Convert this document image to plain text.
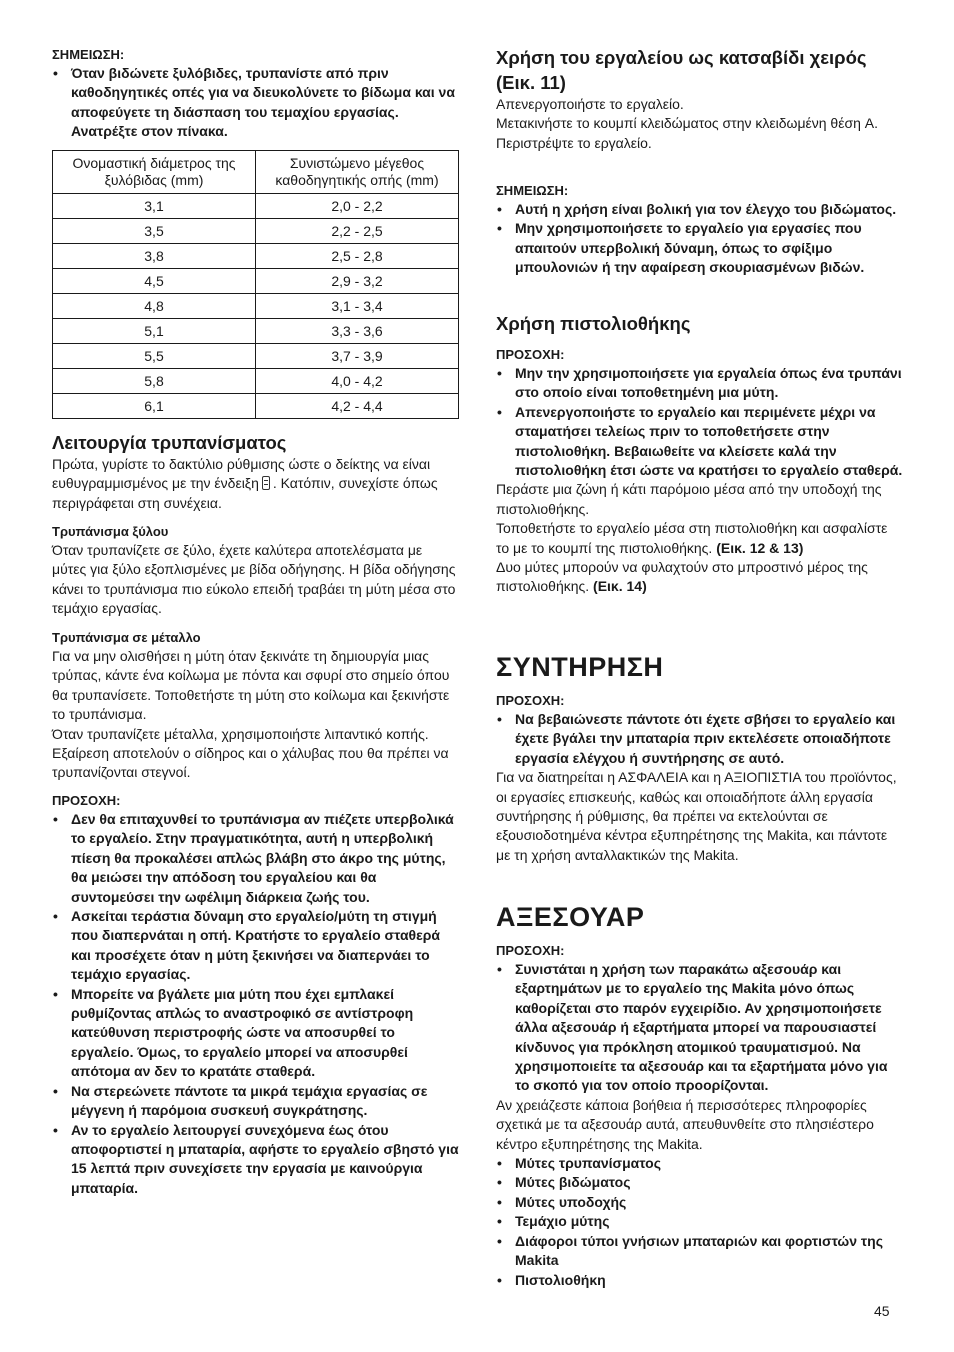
ΣΗΜΕΙΩΣΗ:

• Όταν βιδώνετε ξυλόβιδες, τρυπανίστε από πριν καθοδηγητικές οπές για να διευκολύνετε το βίδωμα και να αποφεύγετε τη διάσπαση του τεμαχίου εργασίας. Ανατρέξτε στον πίνακα.
Ονομαστική διάμετρος της ξυλόβιδας (mm)	Συνιστώμενο μέγεθος καθοδηγητικής οπής (mm)
3,1	2,0 - 2,2
3,5	2,2 - 2,5
3,8	2,5 - 2,8
4,5	2,9 - 3,2
4,8	3,1 - 3,4
5,1	3,3 - 3,6
5,5	3,7 - 3,9
5,8	4,0 - 4,2
6,1	4,2 - 4,4

Λειτουργία τρυπανίσματος

Πρώτα, γυρίστε το δακτύλιο ρύθμισης ώστε ο δείκτης να είναι ευθυγραμμισμένος με την ένδειξη . Κατόπιν, συνεχίστε όπως περιγράφεται στη συνέχεια.

Τρυπάνισμα ξύλου

Όταν τρυπανίζετε σε ξύλο, έχετε καλύτερα αποτελέσματα με μύτες για ξύλο εξοπλισμένες με βίδα οδήγησης. Η βίδα οδήγησης κάνει το τρυπάνισμα πιο εύκολο επειδή τραβάει τη μύτη μέσα στο τεμάχιο εργασίας.

Τρυπάνισμα σε μέταλλο

Για να μην ολισθήσει η μύτη όταν ξεκινάτε τη δημιουργία μιας τρύπας, κάντε ένα κοίλωμα με πόντα και σφυρί στο σημείο όπου θα τρυπανίσετε. Τοποθετήστε τη μύτη στο κοίλωμα και ξεκινήστε το τρυπάνισμα.

Όταν τρυπανίζετε μέταλλα, χρησιμοποιήστε λιπαντικό κοπής. Εξαίρεση αποτελούν ο σίδηρος και ο χάλυβας που θα πρέπει να τρυπανίζονται στεγνοί.

ΠΡΟΣΟΧΗ:

• Δεν θα επιταχυνθεί το τρυπάνισμα αν πιέζετε υπερβολικά το εργαλείο. Στην πραγματικότητα, αυτή η υπερβολική πίεση θα προκαλέσει απλώς βλάβη στο άκρο της μύτης, θα μειώσει την απόδοση του εργαλείου και θα συντομεύσει την ωφέλιμη διάρκεια ζωής του.
• Ασκείται τεράστια δύναμη στο εργαλείο/μύτη τη στιγμή που διαπερνάται η οπή. Κρατήστε το εργαλείο σταθερά και προσέχετε όταν η μύτη ξεκινήσει να διαπερνάει το τεμάχιο εργασίας.
• Μπορείτε να βγάλετε μια μύτη που έχει εμπλακεί ρυθμίζοντας απλώς το αναστροφικό σε αντίστροφη κατεύθυνση περιστροφής ώστε να αποσυρθεί το εργαλείο. Όμως, το εργαλείο μπορεί να αποσυρθεί απότομα αν δεν το κρατάτε σταθερά.
• Να στερεώνετε πάντοτε τα μικρά τεμάχια εργασίας σε μέγγενη ή παρόμοια συσκευή συγκράτησης.
• Αν το εργαλείο λειτουργεί συνεχόμενα έως ότου αποφορτιστεί η μπαταρία, αφήστε το εργαλείο σβηστό για 15 λεπτά πριν συνεχίσετε την εργασία με καινούργια μπαταρία.

Χρήση του εργαλείου ως κατσαβίδι χειρός (Εικ. 11)

Απενεργοποιήστε το εργαλείο.

Μετακινήστε το κουμπί κλειδώματος στην κλειδωμένη θέση A.

Περιστρέψτε το εργαλείο.

ΣΗΜΕΙΩΣΗ:

• Αυτή η χρήση είναι βολική για τον έλεγχο του βιδώματος.
• Μην χρησιμοποιήσετε το εργαλείο για εργασίες που απαιτούν υπερβολική δύναμη, όπως το σφίξιμο μπουλονιών ή την αφαίρεση σκουριασμένων βιδών.

Χρήση πιστολιοθήκης

ΠΡΟΣΟΧΗ:

• Μην την χρησιμοποιήσετε για εργαλεία όπως ένα τρυπάνι στο οποίο είναι τοποθετημένη μια μύτη.
• Απενεργοποιήστε το εργαλείο και περιμένετε μέχρι να σταματήσει τελείως πριν το τοποθετήσετε στην πιστολιοθήκη. Βεβαιωθείτε να κλείσετε καλά την πιστολιοθήκη έτσι ώστε να κρατήσει το εργαλείο σταθερά.

Περάστε μια ζώνη ή κάτι παρόμοιο μέσα από την υποδοχή της πιστολιοθήκης.

Τοποθετήστε το εργαλείο μέσα στη πιστολιοθήκη και ασφαλίστε το με το κουμπί της πιστολιοθήκης. (Εικ. 12 & 13)

Δυο μύτες μπορούν να φυλαχτούν στο μπροστινό μέρος της πιστολιοθήκης. (Εικ. 14)

ΣΥΝΤΗΡΗΣΗ

ΠΡΟΣΟΧΗ:

• Να βεβαιώνεστε πάντοτε ότι έχετε σβήσει το εργαλείο και έχετε βγάλει την μπαταρία πριν εκτελέσετε οποιαδήποτε εργασία ελέγχου ή συντήρησης σε αυτό.

Για να διατηρείται η ΑΣΦΑΛΕΙΑ και η ΑΞΙΟΠΙΣΤΙΑ του προϊόντος, οι εργασίες επισκευής, καθώς και οποιαδήποτε άλλη εργασία συντήρησης ή ρύθμισης, θα πρέπει να εκτελούνται σε εξουσιοδοτημένα κέντρα εξυπηρέτησης της Makita, και πάντοτε με τη χρήση ανταλλακτικών της Makita.

ΑΞΕΣΟΥΑΡ

ΠΡΟΣΟΧΗ:

• Συνιστάται η χρήση των παρακάτω αξεσουάρ και εξαρτημάτων με το εργαλείο της Makita μόνο όπως καθορίζεται στο παρόν εγχειρίδιο. Αν χρησιμοποιήσετε άλλα αξεσουάρ ή εξαρτήματα μπορεί να παρουσιαστεί κίνδυνος για πρόκληση ατομικού τραυματισμού. Να χρησιμοποιείτε τα αξεσουάρ και τα εξαρτήματα μόνο για το σκοπό για τον οποίο προορίζονται.

Αν χρειάζεστε κάποια βοήθεια ή περισσότερες πληροφορίες σχετικά με τα αξεσουάρ αυτά, απευθυνθείτε στο πλησιέστερο κέντρο εξυπηρέτησης της Makita.

• Μύτες τρυπανίσματος
• Μύτες βιδώματος
• Μύτες υποδοχής
• Τεμάχιο μύτης
• Διάφοροι τύποι γνήσιων μπαταριών και φορτιστών της Makita
• Πιστολιοθήκη
45
